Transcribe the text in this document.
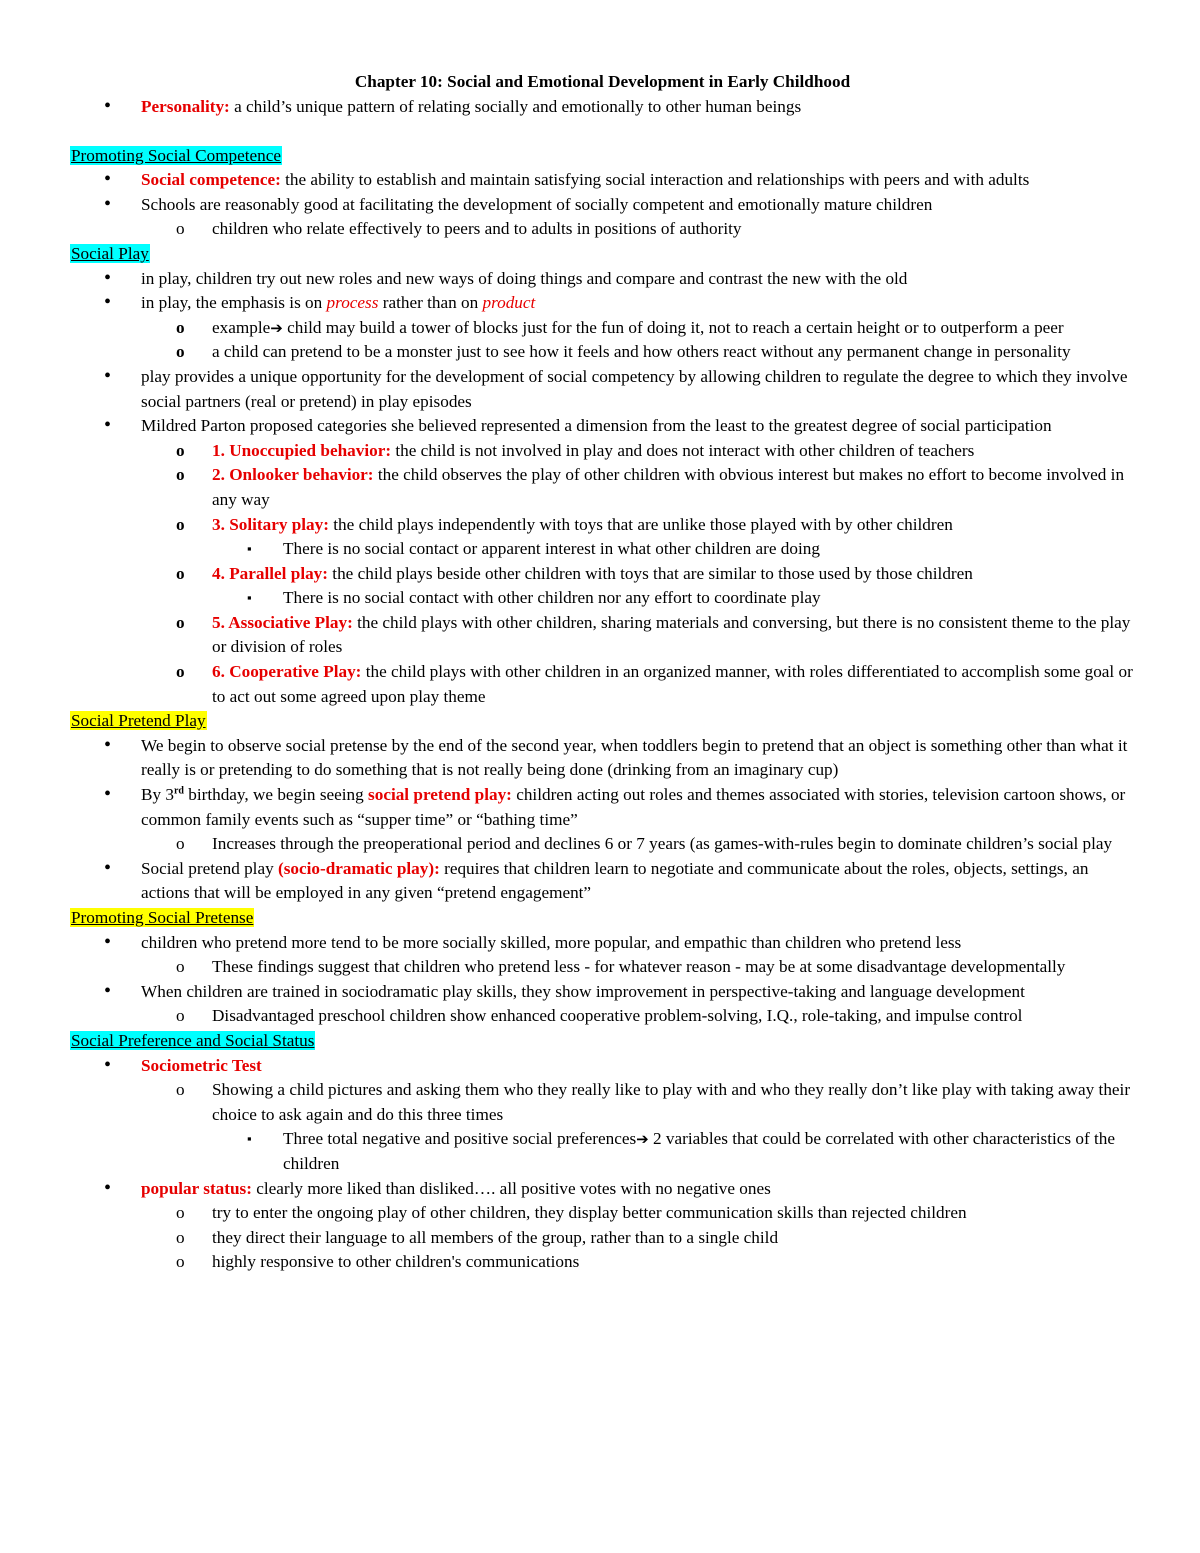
Chapter 10: Social and Emotional Development in Early Childhood
• Personality: a child’s unique pattern of relating socially and emotionally to other human beings
Promoting Social Competence
• Social competence: the ability to establish and maintain satisfying social interaction and relationships with peers and with adults
• Schools are reasonably good at facilitating the development of socially competent and emotionally mature children
o children who relate effectively to peers and to adults in positions of authority
Social Play
• in play, children try out new roles and new ways of doing things and compare and contrast the new with the old
• in play, the emphasis is on process rather than on product
o example➔ child may build a tower of blocks just for the fun of doing it, not to reach a certain height or to outperform a peer
o a child can pretend to be a monster just to see how it feels and how others react without any permanent change in personality
• play provides a unique opportunity for the development of social competency by allowing children to regulate the degree to which they involve social partners (real or pretend) in play episodes
• Mildred Parton proposed categories she believed represented a dimension from the least to the greatest degree of social participation
o 1. Unoccupied behavior: the child is not involved in play and does not interact with other children of teachers
o 2. Onlooker behavior: the child observes the play of other children with obvious interest but makes no effort to become involved in any way
o 3. Solitary play: the child plays independently with toys that are unlike those played with by other children
▪ There is no social contact or apparent interest in what other children are doing
o 4. Parallel play: the child plays beside other children with toys that are similar to those used by those children
▪ There is no social contact with other children nor any effort to coordinate play
o 5. Associative Play: the child plays with other children, sharing materials and conversing, but there is no consistent theme to the play or division of roles
o 6. Cooperative Play: the child plays with other children in an organized manner, with roles differentiated to accomplish some goal or to act out some agreed upon play theme
Social Pretend Play
• We begin to observe social pretense by the end of the second year, when toddlers begin to pretend that an object is something other than what it really is or pretending to do something that is not really being done (drinking from an imaginary cup)
• By 3rd birthday, we begin seeing social pretend play: children acting out roles and themes associated with stories, television cartoon shows, or common family events such as “supper time” or “bathing time”
o Increases through the preoperational period and declines 6 or 7 years (as games-with-rules begin to dominate children’s social play
• Social pretend play (socio-dramatic play): requires that children learn to negotiate and communicate about the roles, objects, settings, an actions that will be employed in any given “pretend engagement”
Promoting Social Pretense
• children who pretend more tend to be more socially skilled, more popular, and empathic than children who pretend less
o These findings suggest that children who pretend less - for whatever reason - may be at some disadvantage developmentally
• When children are trained in sociodramatic play skills, they show improvement in perspective-taking and language development
o Disadvantaged preschool children show enhanced cooperative problem-solving, I.Q., role-taking, and impulse control
Social Preference and Social Status
• Sociometric Test
o Showing a child pictures and asking them who they really like to play with and who they really don’t like play with taking away their choice to ask again and do this three times
▪ Three total negative and positive social preferences➔ 2 variables that could be correlated with other characteristics of the children
• popular status: clearly more liked than disliked…. all positive votes with no negative ones
o try to enter the ongoing play of other children, they display better communication skills than rejected children
o they direct their language to all members of the group, rather than to a single child
o highly responsive to other children's communications
